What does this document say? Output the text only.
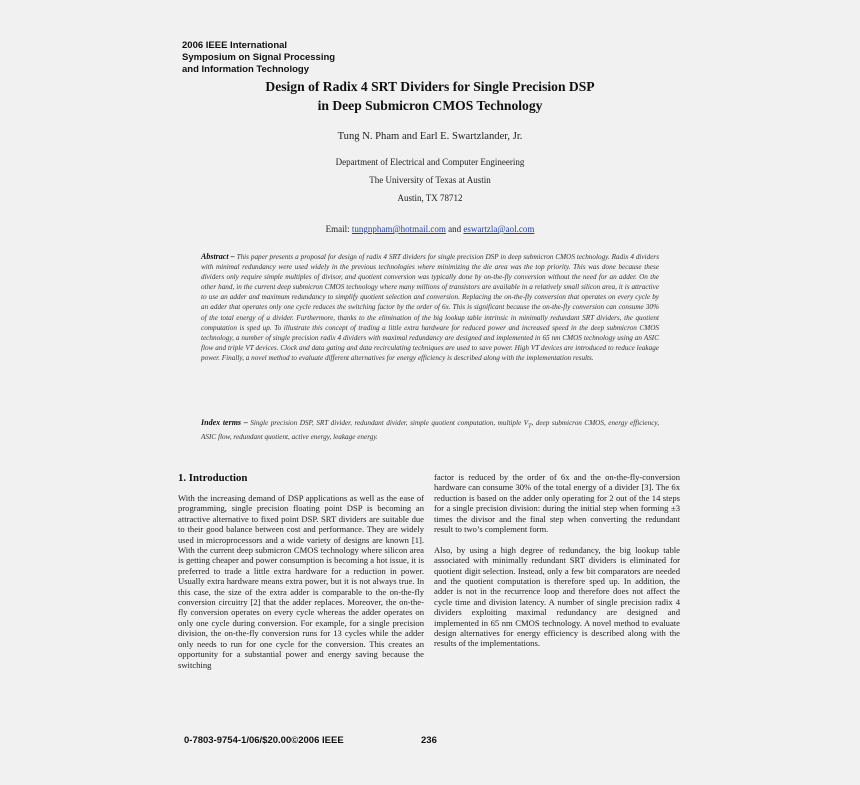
2006 IEEE International
Symposium on Signal Processing
and Information Technology
Design of Radix 4 SRT Dividers for Single Precision DSP
in Deep Submicron CMOS Technology
Tung N. Pham and Earl E. Swartzlander, Jr.
Department of Electrical and Computer Engineering
The University of Texas at Austin
Austin, TX 78712
Email: tungnpham@hotmail.com and eswartzla@aol.com
Abstract – This paper presents a proposal for design of radix 4 SRT dividers for single precision DSP in deep submicron CMOS technology. Radix 4 dividers with minimal redundancy were used widely in the previous technologies where minimizing the die area was the top priority. This was done because these dividers only require simple multiples of divisor, and quotient conversion was typically done by on-the-fly conversion without the need for an adder. On the other hand, in the current deep submicron CMOS technology where many millions of transistors are available in a relatively small silicon area, it is attractive to use an adder and maximum redundancy to simplify quotient selection and conversion. Replacing the on-the-fly conversion that operates on every cycle by an adder that operates only one cycle reduces the switching factor by the order of 6x. This is significant because the on-the-fly conversion can consume 30% of the total energy of a divider. Furthermore, thanks to the elimination of the big lookup table intrinsic in minimally redundant SRT dividers, the quotient computation is sped up. To illustrate this concept of trading a little extra hardware for reduced power and increased speed in the deep submicron CMOS technology, a number of single precision radix 4 dividers with maximal redundancy are designed and implemented in 65 nm CMOS technology using an ASIC flow and triple VT devices. Clock and data gating and data recirculating techniques are used to save power. High VT devices are introduced to reduce leakage power. Finally, a novel method to evaluate different alternatives for energy efficiency is described along with the implementation results.
Index terms – Single precision DSP, SRT divider, redundant divider, simple quotient computation, multiple $V_T$, deep submicron CMOS, energy efficiency, ASIC flow, redundant quotient, active energy, leakage energy.
1. Introduction

With the increasing demand of DSP applications as well as the ease of programming, single precision floating point DSP is becoming an attractive alternative to fixed point DSP. SRT dividers are suitable due to their good balance between cost and performance. They are widely used in microprocessors and a wide variety of designs are known [1]. With the current deep submicron CMOS technology where silicon area is getting cheaper and power consumption is becoming a hot issue, it is preferred to trade a little extra hardware for a reduction in power. Usually extra hardware means extra power, but it is not always true. In this case, the size of the extra adder is comparable to the on-the-fly conversion circuitry [2] that the adder replaces. Moreover, the on-the-fly conversion operates on every cycle whereas the adder operates on only one cycle during conversion. For example, for a single precision division, the on-the-fly conversion runs for 13 cycles while the adder only needs to run for one cycle for the conversion. This creates an opportunity for a substantial power and energy saving because the switching

factor is reduced by the order of 6x and the on-the-fly-conversion hardware can consume 30% of the total energy of a divider [3]. The 6x reduction is based on the adder only operating for 2 out of the 14 steps for a single precision division: during the initial step when forming ±3 times the divisor and the final step when converting the redundant result to two’s complement form.

Also, by using a high degree of redundancy, the big lookup table associated with minimally redundant SRT dividers is eliminated for quotient digit selection. Instead, only a few bit comparators are needed and the quotient computation is therefore sped up. In addition, the adder is not in the recurrence loop and therefore does not affect the cycle time and division latency. A number of single precision radix 4 dividers exploiting maximal redundancy are designed and implemented in 65 nm CMOS technology. A novel method to evaluate design alternatives for energy efficiency is described along with the results of the implementations.

0-7803-9754-1/06/$20.00©2006 IEEE	236
